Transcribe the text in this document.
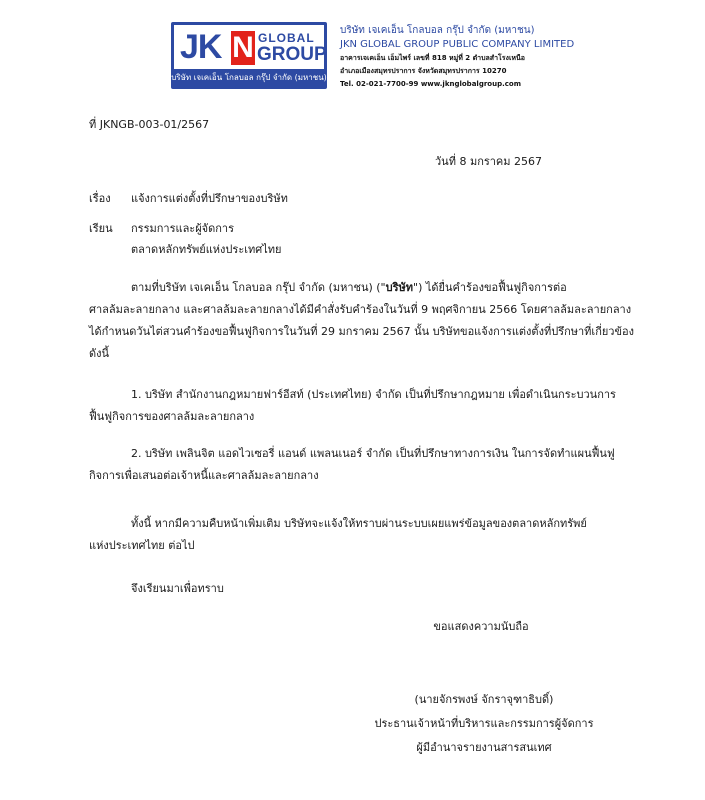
JK N GLOBAL
GROUP
บริษัท เจเคเอ็น โกลบอล กรุ๊ป จำกัด (มหาชน)
บริษัท เจเคเอ็น โกลบอล กรุ๊ป จำกัด (มหาชน)
JKN GLOBAL GROUP PUBLIC COMPANY LIMITED
อาคารเจเคเอ็น เอ็มไพร์ เลขที่ 818 หมู่ที่ 2 ตำบลสำโรงเหนือ
อำเภอเมืองสมุทรปราการ จังหวัดสมุทรปราการ 10270
Tel. 02-021-7700-99 www.jknglobalgroup.com
ที่ JKNGB-003-01/2567
วันที่ 8 มกราคม 2567
เรื่อง แจ้งการแต่งตั้งที่ปรึกษาของบริษัท
เรียน กรรมการและผู้จัดการ
ตลาดหลักทรัพย์แห่งประเทศไทย
ตามที่บริษัท เจเคเอ็น โกลบอล กรุ๊ป จำกัด (มหาชน) ("บริษัท") ได้ยื่นคำร้องขอฟื้นฟูกิจการต่อ
ศาลล้มละลายกลาง และศาลล้มละลายกลางได้มีคำสั่งรับคำร้องในวันที่ 9 พฤศจิกายน 2566 โดยศาลล้มละลายกลาง
ได้กำหนดวันไต่สวนคำร้องขอฟื้นฟูกิจการในวันที่ 29 มกราคม 2567 นั้น บริษัทขอแจ้งการแต่งตั้งที่ปรึกษาที่เกี่ยวข้อง
ดังนี้
1. บริษัท สำนักงานกฎหมายฟาร์อีสท์ (ประเทศไทย) จำกัด เป็นที่ปรึกษากฎหมาย เพื่อดำเนินกระบวนการ
ฟื้นฟูกิจการของศาลล้มละลายกลาง
2. บริษัท เพลินจิต แอดไวเซอรี่ แอนด์ แพลนเนอร์ จำกัด เป็นที่ปรึกษาทางการเงิน ในการจัดทำแผนฟื้นฟู
กิจการเพื่อเสนอต่อเจ้าหนี้และศาลล้มละลายกลาง
ทั้งนี้ หากมีความคืบหน้าเพิ่มเติม บริษัทจะแจ้งให้ทราบผ่านระบบเผยแพร่ข้อมูลของตลาดหลักทรัพย์
แห่งประเทศไทย ต่อไป
จึงเรียนมาเพื่อทราบ
ขอแสดงความนับถือ
(นายจักรพงษ์ จักราจุฑาธิบดิ์)
ประธานเจ้าหน้าที่บริหารและกรรมการผู้จัดการ
ผู้มีอำนาจรายงานสารสนเทศ
